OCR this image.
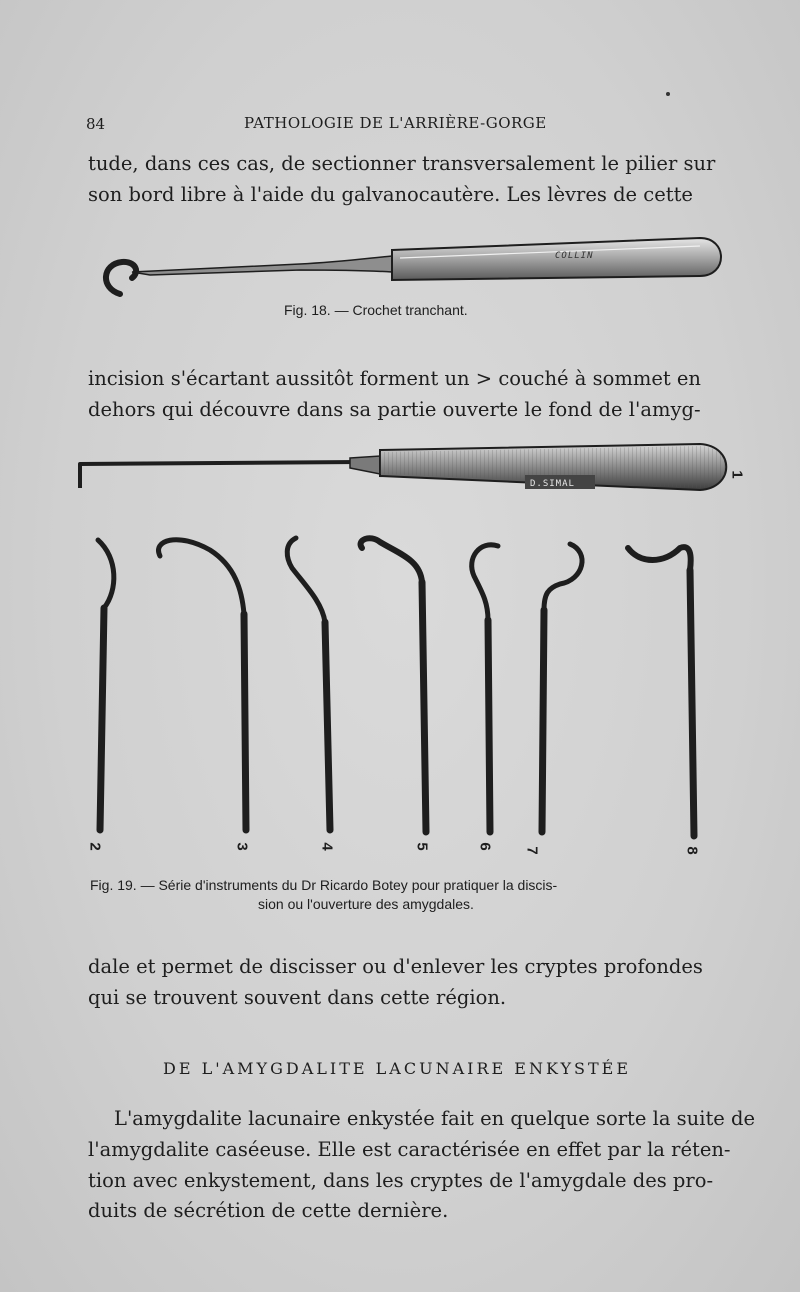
84	PATHOLOGIE DE L'ARRIÈRE-GORGE
tude, dans ces cas, de sectionner transversalement le pilier sur
son bord libre à l'aide du galvanocautère. Les lèvres de cette
COLLIN
Fig. 18. — Crochet tranchant.
incision s'écartant aussitôt forment un > couché à sommet en
dehors qui découvre dans sa partie ouverte le fond de l'amyg-
D.SIMAL
1
2	3	4	5	6 7	8
Fig. 19. — Série d'instruments du Dr Ricardo Botey pour pratiquer la discis-
sion ou l'ouverture des amygdales.
dale et permet de discisser ou d'enlever les cryptes profondes
qui se trouvent souvent dans cette région.
DE L'AMYGDALITE LACUNAIRE ENKYSTÉE
L'amygdalite lacunaire enkystée fait en quelque sorte la suite de
l'amygdalite caséeuse. Elle est caractérisée en effet par la réten-
tion avec enkystement, dans les cryptes de l'amygdale des pro-
duits de sécrétion de cette dernière.
